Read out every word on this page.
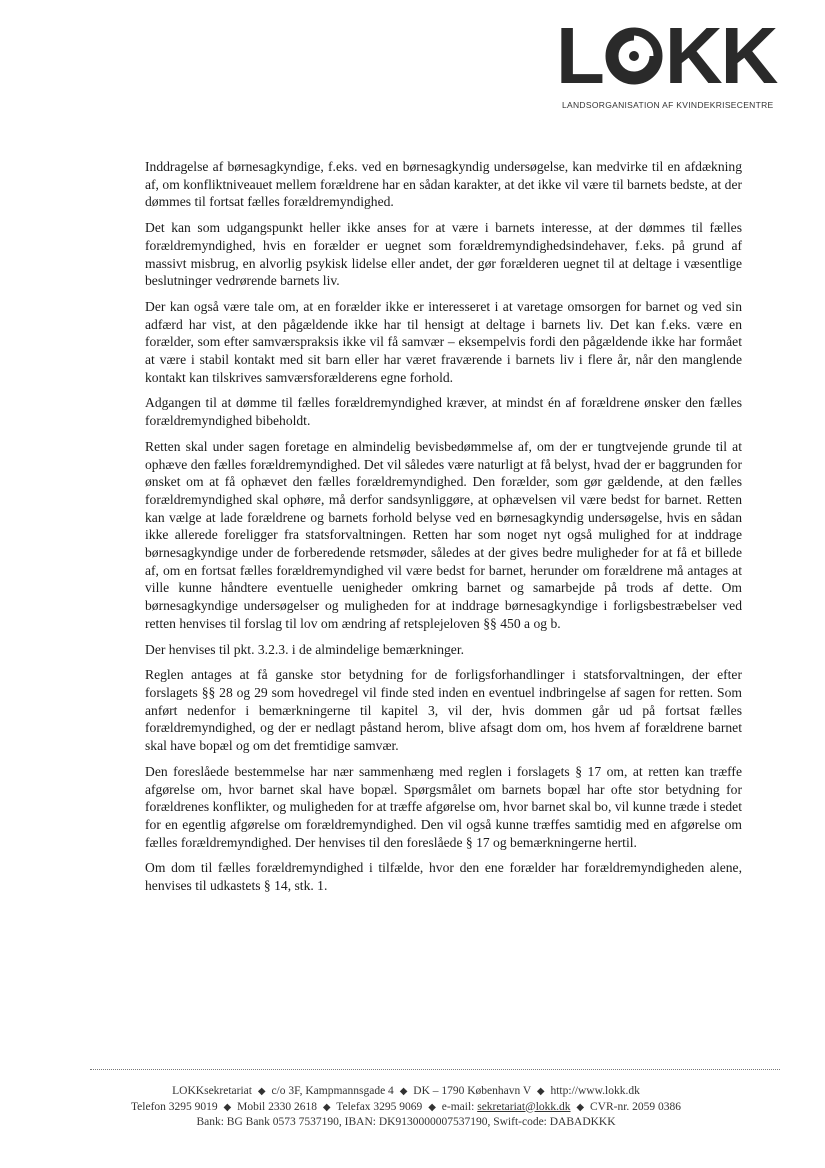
L KK
LANDSORGANISATION AF KVINDEKRISECENTRE

Inddragelse af børnesagkyndige, f.eks. ved en børnesagkyndig undersøgelse, kan medvirke til en afdækning af, om konfliktniveauet mellem forældrene har en sådan karakter, at det ikke vil være til barnets bedste, at der dømmes til fortsat fælles forældremyndighed.

Det kan som udgangspunkt heller ikke anses for at være i barnets interesse, at der dømmes til fælles forældremyndighed, hvis en forælder er uegnet som forældremyndighedsindehaver, f.eks. på grund af massivt misbrug, en alvorlig psykisk lidelse eller andet, der gør forælderen uegnet til at deltage i væsentlige beslutninger vedrørende barnets liv.

Der kan også være tale om, at en forælder ikke er interesseret i at varetage omsorgen for barnet og ved sin adfærd har vist, at den pågældende ikke har til hensigt at deltage i barnets liv. Det kan f.eks. være en forælder, som efter samværspraksis ikke vil få samvær – eksempelvis fordi den pågældende ikke har formået at være i stabil kontakt med sit barn eller har været fraværende i barnets liv i flere år, når den manglende kontakt kan tilskrives samværsforælderens egne forhold.

Adgangen til at dømme til fælles forældremyndighed kræver, at mindst én af forældrene ønsker den fælles forældremyndighed bibeholdt.

Retten skal under sagen foretage en almindelig bevisbedømmelse af, om der er tungtvejende grunde til at ophæve den fælles forældremyndighed. Det vil således være naturligt at få belyst, hvad der er baggrunden for ønsket om at få ophævet den fælles forældremyndighed. Den forælder, som gør gældende, at den fælles forældremyndighed skal ophøre, må derfor sandsynliggøre, at ophævelsen vil være bedst for barnet. Retten kan vælge at lade forældrene og barnets forhold belyse ved en børnesagkyndig undersøgelse, hvis en sådan ikke allerede foreligger fra statsforvaltningen. Retten har som noget nyt også mulighed for at inddrage børnesagkyndige under de forberedende retsmøder, således at der gives bedre muligheder for at få et billede af, om en fortsat fælles forældremyndighed vil være bedst for barnet, herunder om forældrene må antages at ville kunne håndtere eventuelle uenigheder omkring barnet og samarbejde på trods af dette. Om børnesagkyndige undersøgelser og muligheden for at inddrage børnesagkyndige i forligsbestræbelser ved retten henvises til forslag til lov om ændring af retsplejeloven §§ 450 a og b.

Der henvises til pkt. 3.2.3. i de almindelige bemærkninger.

Reglen antages at få ganske stor betydning for de forligsforhandlinger i statsforvaltningen, der efter forslagets §§ 28 og 29 som hovedregel vil finde sted inden en eventuel indbringelse af sagen for retten. Som anført nedenfor i bemærkningerne til kapitel 3, vil der, hvis dommen går ud på fortsat fælles forældremyndighed, og der er nedlagt påstand herom, blive afsagt dom om, hos hvem af forældrene barnet skal have bopæl og om det fremtidige samvær.

Den foreslåede bestemmelse har nær sammenhæng med reglen i forslagets § 17 om, at retten kan træffe afgørelse om, hvor barnet skal have bopæl. Spørgsmålet om barnets bopæl har ofte stor betydning for forældrenes konflikter, og muligheden for at træffe afgørelse om, hvor barnet skal bo, vil kunne træde i stedet for en egentlig afgørelse om forældremyndighed. Den vil også kunne træffes samtidig med en afgørelse om fælles forældremyndighed. Der henvises til den foreslåede § 17 og bemærkningerne hertil.

Om dom til fælles forældremyndighed i tilfælde, hvor den ene forælder har forældremyndigheden alene, henvises til udkastets § 14, stk. 1.

LOKKsekretariat ◆ c/o 3F, Kampmannsgade 4 ◆ DK – 1790 København V ◆ http://www.lokk.dk
Telefon 3295 9019 ◆ Mobil 2330 2618 ◆ Telefax 3295 9069 ◆ e-mail: sekretariat@lokk.dk ◆ CVR-nr. 2059 0386
Bank: BG Bank 0573 7537190, IBAN: DK9130000007537190, Swift-code: DABADKKK
